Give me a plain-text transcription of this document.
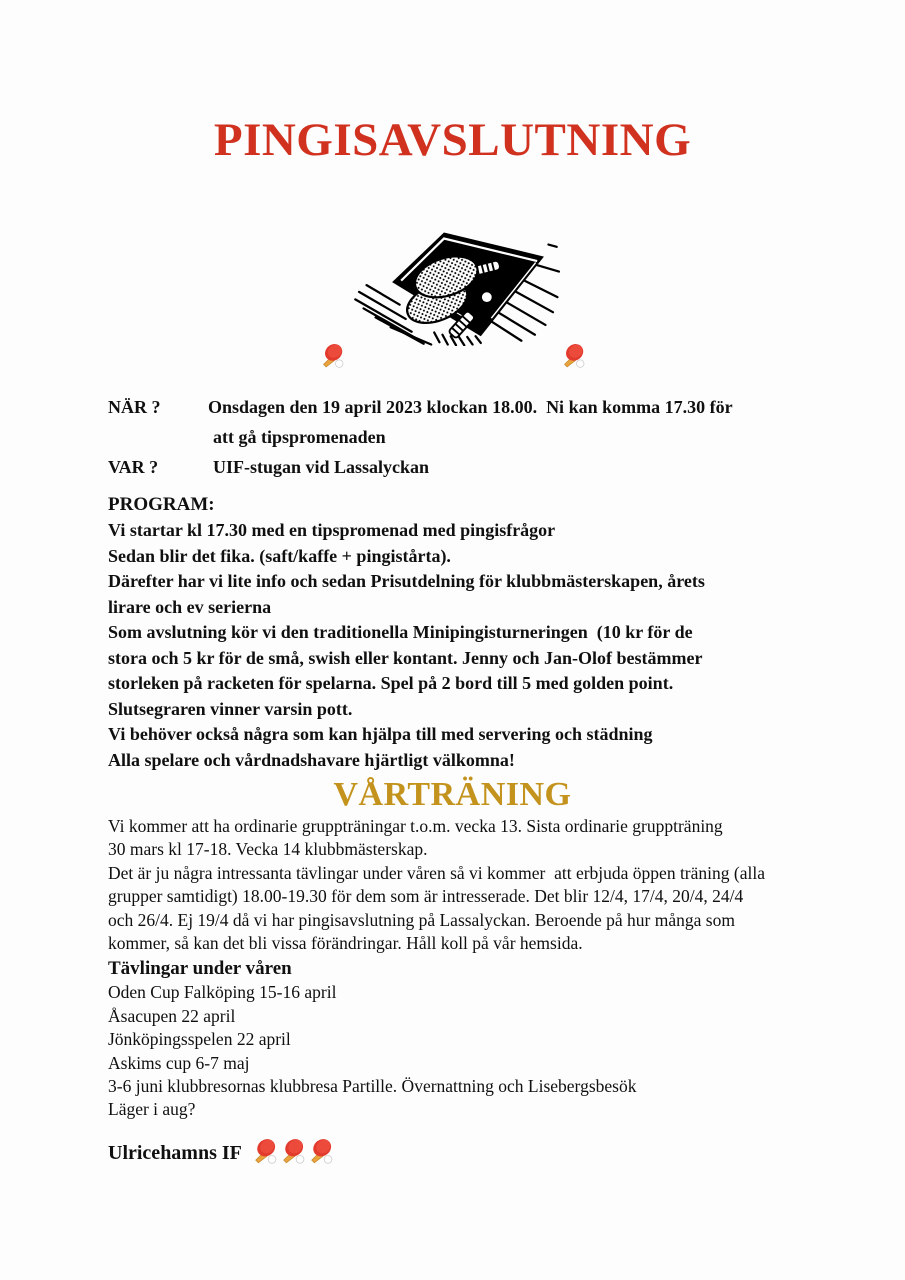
PINGISAVSLUTNING
NÄR ?	Onsdagen den 19 april 2023 klockan 18.00.  Ni kan komma 17.30 för
att gå tipspromenaden
VAR ?	UIF-stugan vid Lassalyckan
PROGRAM:
Vi startar kl 17.30 med en tipspromenad med pingisfrågor
Sedan blir det fika. (saft/kaffe + pingistårta).
Därefter har vi lite info och sedan Prisutdelning för klubbmästerskapen, årets
lirare och ev serierna
Som avslutning kör vi den traditionella Minipingisturneringen  (10 kr för de
stora och 5 kr för de små, swish eller kontant. Jenny och Jan-Olof bestämmer
storleken på racketen för spelarna. Spel på 2 bord till 5 med golden point.
Slutsegraren vinner varsin pott.
Vi behöver också några som kan hjälpa till med servering och städning
Alla spelare och vårdnadshavare hjärtligt välkomna!
VÅRTRÄNING
Vi kommer att ha ordinarie gruppträningar t.o.m. vecka 13. Sista ordinarie gruppträning
30 mars kl 17-18. Vecka 14 klubbmästerskap.
Det är ju några intressanta tävlingar under våren så vi kommer  att erbjuda öppen träning (alla
grupper samtidigt) 18.00-19.30 för dem som är intresserade. Det blir 12/4, 17/4, 20/4, 24/4
och 26/4. Ej 19/4 då vi har pingisavslutning på Lassalyckan. Beroende på hur många som
kommer, så kan det bli vissa förändringar. Håll koll på vår hemsida.
Tävlingar under våren
Oden Cup Falköping 15-16 april
Åsacupen 22 april
Jönköpingsspelen 22 april
Askims cup 6-7 maj
3-6 juni klubbresornas klubbresa Partille. Övernattning och Lisebergsbesök
Läger i aug?
Ulricehamns IF
